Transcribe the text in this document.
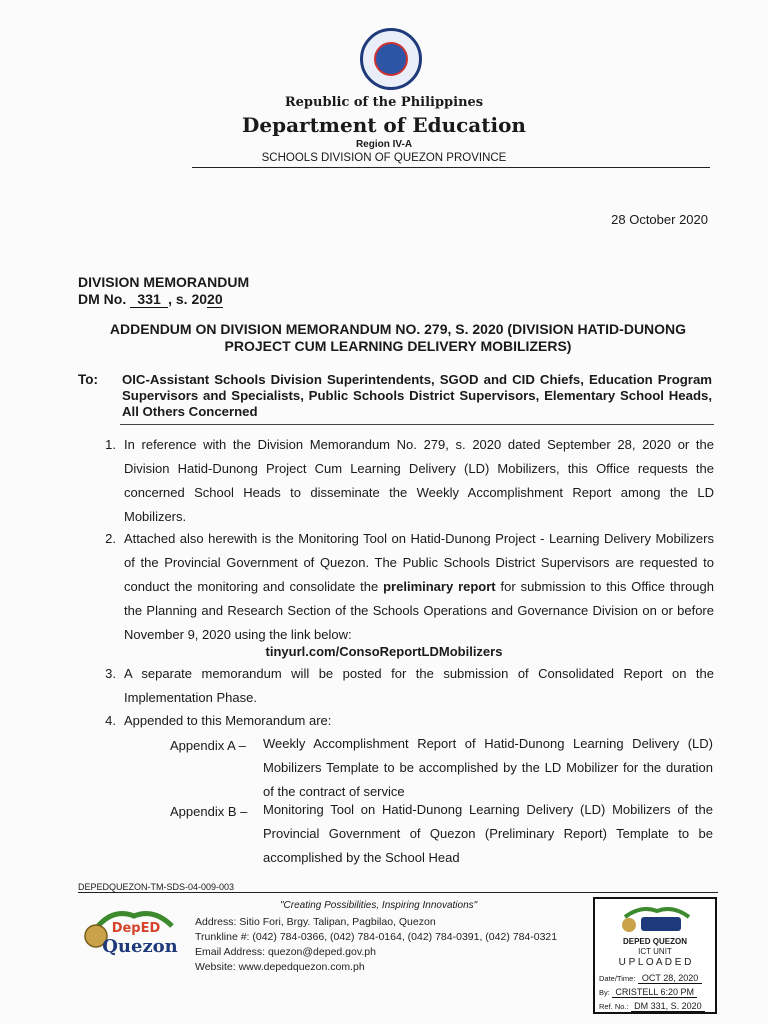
Republic of the Philippines
Department of Education
Region IV-A
SCHOOLS DIVISION OF QUEZON PROVINCE
28 October 2020
DIVISION MEMORANDUM
DM No. 331 , s. 2020
ADDENDUM ON DIVISION MEMORANDUM NO. 279, S. 2020 (DIVISION HATID-DUNONG PROJECT CUM LEARNING DELIVERY MOBILIZERS)
To: OIC-Assistant Schools Division Superintendents, SGOD and CID Chiefs, Education Program Supervisors and Specialists, Public Schools District Supervisors, Elementary School Heads, All Others Concerned
1. In reference with the Division Memorandum No. 279, s. 2020 dated September 28, 2020 or the Division Hatid-Dunong Project Cum Learning Delivery (LD) Mobilizers, this Office requests the concerned School Heads to disseminate the Weekly Accomplishment Report among the LD Mobilizers.
2. Attached also herewith is the Monitoring Tool on Hatid-Dunong Project - Learning Delivery Mobilizers of the Provincial Government of Quezon. The Public Schools District Supervisors are requested to conduct the monitoring and consolidate the preliminary report for submission to this Office through the Planning and Research Section of the Schools Operations and Governance Division on or before November 9, 2020 using the link below:
tinyurl.com/ConsoReportLDMobilizers
3. A separate memorandum will be posted for the submission of Consolidated Report on the Implementation Phase.
4. Appended to this Memorandum are:
Appendix A – Weekly Accomplishment Report of Hatid-Dunong Learning Delivery (LD) Mobilizers Template to be accomplished by the LD Mobilizer for the duration of the contract of service
Appendix B – Monitoring Tool on Hatid-Dunong Learning Delivery (LD) Mobilizers of the Provincial Government of Quezon (Preliminary Report) Template to be accomplished by the School Head
DEPEDQUEZON-TM-SDS-04-009-003
DepED
Quezon
"Creating Possibilities, Inspiring Innovations"
Address: Sitio Fori, Brgy. Talipan, Pagbilao, Quezon
Trunkline #: (042) 784-0366, (042) 784-0164, (042) 784-0391, (042) 784-0321
Email Address: quezon@deped.gov.ph
Website: www.depedquezon.com.ph
DEPED QUEZON
ICT UNIT
U P L O A D E D
Date/Time: OCT 28, 2020
By: CRISTELL 6:20 PM
Ref. No.: DM 331, S. 2020
